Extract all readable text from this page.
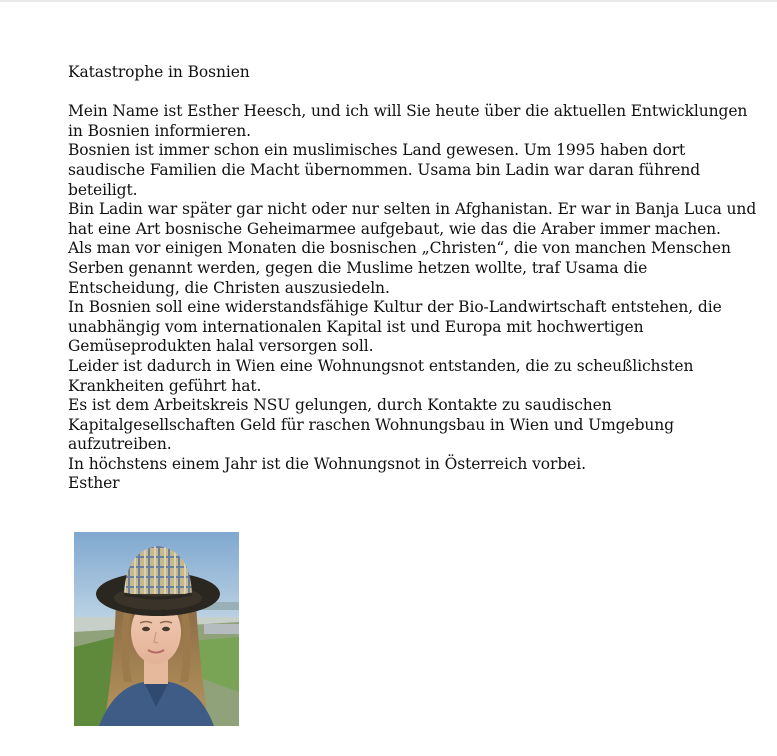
Katastrophe in Bosnien

Mein Name ist Esther Heesch, und ich will Sie heute über die aktuellen Entwicklungen in Bosnien informieren.

Bosnien ist immer schon ein muslimisches Land gewesen. Um 1995 haben dort saudische Familien die Macht übernommen. Usama bin Ladin war daran führend beteiligt.

Bin Ladin war später gar nicht oder nur selten in Afghanistan. Er war in Banja Luca und hat eine Art bosnische Geheimarmee aufgebaut, wie das die Araber immer machen.

Als man vor einigen Monaten die bosnischen „Christen“, die von manchen Menschen Serben genannt werden, gegen die Muslime hetzen wollte, traf Usama die Entscheidung, die Christen auszusiedeln.

In Bosnien soll eine widerstandsfähige Kultur der Bio-Landwirtschaft entstehen, die unabhängig vom internationalen Kapital ist und Europa mit hochwertigen Gemüseprodukten halal versorgen soll.

Leider ist dadurch in Wien eine Wohnungsnot entstanden, die zu scheußlichsten Krankheiten geführt hat.

Es ist dem Arbeitskreis NSU gelungen, durch Kontakte zu saudischen Kapitalgesellschaften Geld für raschen Wohnungsbau in Wien und Umgebung aufzutreiben.

In höchstens einem Jahr ist die Wohnungsnot in Österreich vorbei.

Esther
